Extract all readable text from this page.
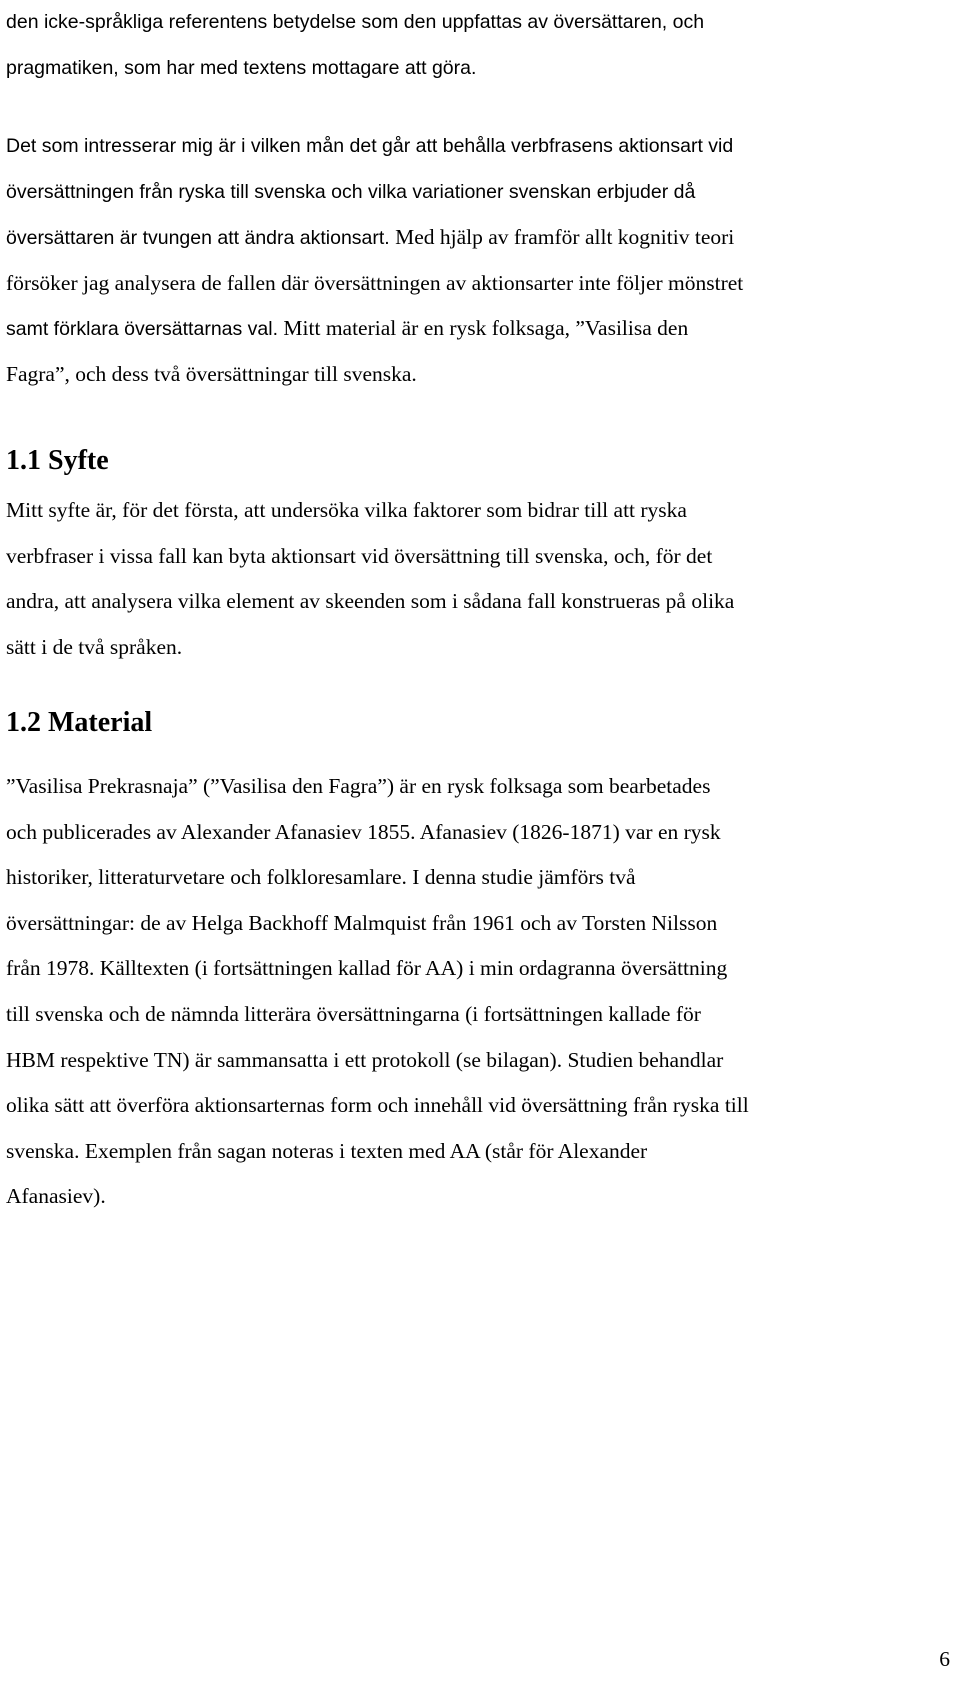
den icke-språkliga referentens betydelse som den uppfattas av översättaren, och
pragmatiken, som har med textens mottagare att göra.

Det som intresserar mig är i vilken mån det går att behålla verbfrasens aktionsart vid
översättningen från ryska till svenska och vilka variationer svenskan erbjuder då
översättaren är tvungen att ändra aktionsart. Med hjälp av framför allt kognitiv teori
försöker jag analysera de fallen där översättningen av aktionsarter inte följer mönstret
samt förklara översättarnas val. Mitt material är en rysk folksaga, ”Vasilisa den
Fagra”, och dess två översättningar till svenska.

1.1 Syfte

Mitt syfte är, för det första, att undersöka vilka faktorer som bidrar till att ryska
verbfraser i vissa fall kan byta aktionsart vid översättning till svenska, och, för det
andra, att analysera vilka element av skeenden som i sådana fall konstrueras på olika
sätt i de två språken.

1.2 Material

”Vasilisa Prekrasnaja” (”Vasilisa den Fagra”) är en rysk folksaga som bearbetades
och publicerades av Alexander Afanasiev 1855. Afanasiev (1826-1871) var en rysk
historiker, litteraturvetare och folkloresamlare. I denna studie jämförs två
översättningar: de av Helga Backhoff Malmquist från 1961 och av Torsten Nilsson
från 1978. Källtexten (i fortsättningen kallad för AA) i min ordagranna översättning
till svenska och de nämnda litterära översättningarna (i fortsättningen kallade för
HBM respektive TN) är sammansatta i ett protokoll (se bilagan). Studien behandlar
olika sätt att överföra aktionsarternas form och innehåll vid översättning från ryska till
svenska. Exemplen från sagan noteras i texten med AA (står för Alexander
Afanasiev).

6
